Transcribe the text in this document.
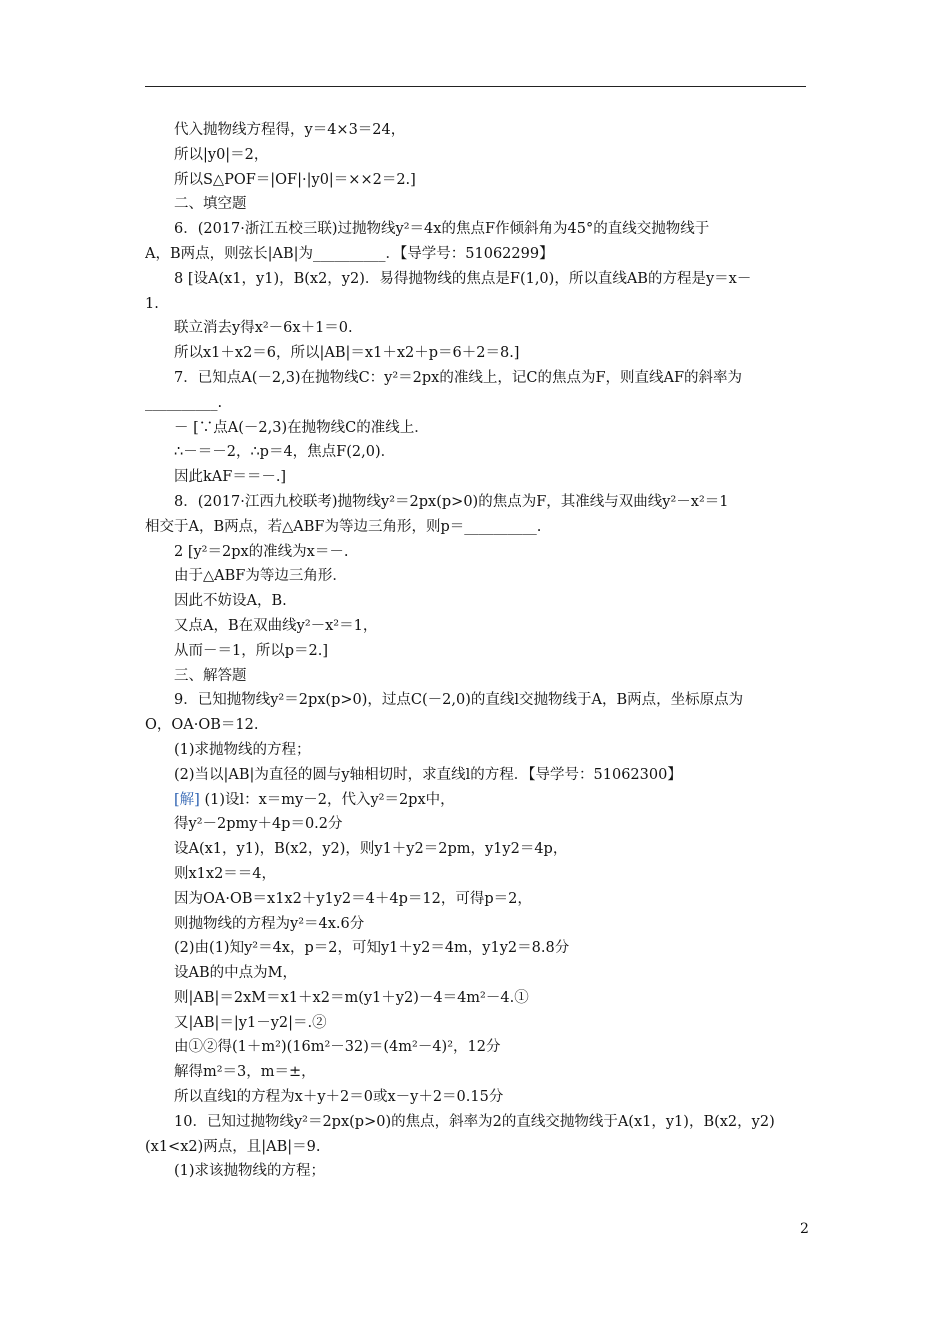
代入抛物线方程得，y＝4×3＝24，
所以|y0|＝2，
所以S△POF＝|OF|·|y0|＝××2＝2.]
二、填空题
6．(2017·浙江五校三联)过抛物线y²＝4x的焦点F作倾斜角为45°的直线交抛物线于
A，B两点，则弦长|AB|为__________．【导学号：51062299】
8 [设A(x1，y1)，B(x2，y2)．易得抛物线的焦点是F(1,0)，所以直线AB的方程是y＝x－
1.
联立消去y得x²－6x＋1＝0.
所以x1＋x2＝6，所以|AB|＝x1＋x2＋p＝6＋2＝8.]
7．已知点A(－2,3)在抛物线C：y²＝2px的准线上，记C的焦点为F，则直线AF的斜率为
__________.
－ [∵点A(－2,3)在抛物线C的准线上．
∴－＝－2，∴p＝4，焦点F(2,0)．
因此kAF＝＝－.]
8．(2017·江西九校联考)抛物线y²＝2px(p>0)的焦点为F，其准线与双曲线y²－x²＝1
相交于A，B两点，若△ABF为等边三角形，则p＝__________.
2 [y²＝2px的准线为x＝－.
由于△ABF为等边三角形．
因此不妨设A，B.
又点A，B在双曲线y²－x²＝1，
从而－＝1，所以p＝2.]
三、解答题
9．已知抛物线y²＝2px(p>0)，过点C(－2,0)的直线l交抛物线于A，B两点，坐标原点为
O，OA·OB＝12.
(1)求抛物线的方程；
(2)当以|AB|为直径的圆与y轴相切时，求直线l的方程．【导学号：51062300】
[解] (1)设l：x＝my－2，代入y²＝2px中，
得y²－2pmy＋4p＝0.2分
设A(x1，y1)，B(x2，y2)，则y1＋y2＝2pm，y1y2＝4p，
则x1x2＝＝4，
因为OA·OB＝x1x2＋y1y2＝4＋4p＝12，可得p＝2，
则抛物线的方程为y²＝4x.6分
(2)由(1)知y²＝4x，p＝2，可知y1＋y2＝4m，y1y2＝8.8分
设AB的中点为M，
则|AB|＝2xM＝x1＋x2＝m(y1＋y2)－4＝4m²－4.①
又|AB|＝|y1－y2|＝.②
由①②得(1＋m²)(16m²－32)＝(4m²－4)²，12分
解得m²＝3，m＝±，
所以直线l的方程为x＋y＋2＝0或x－y＋2＝0.15分
10．已知过抛物线y²＝2px(p>0)的焦点，斜率为2的直线交抛物线于A(x1，y1)，B(x2，y2)
(x1<x2)两点，且|AB|＝9.
(1)求该抛物线的方程；
2
